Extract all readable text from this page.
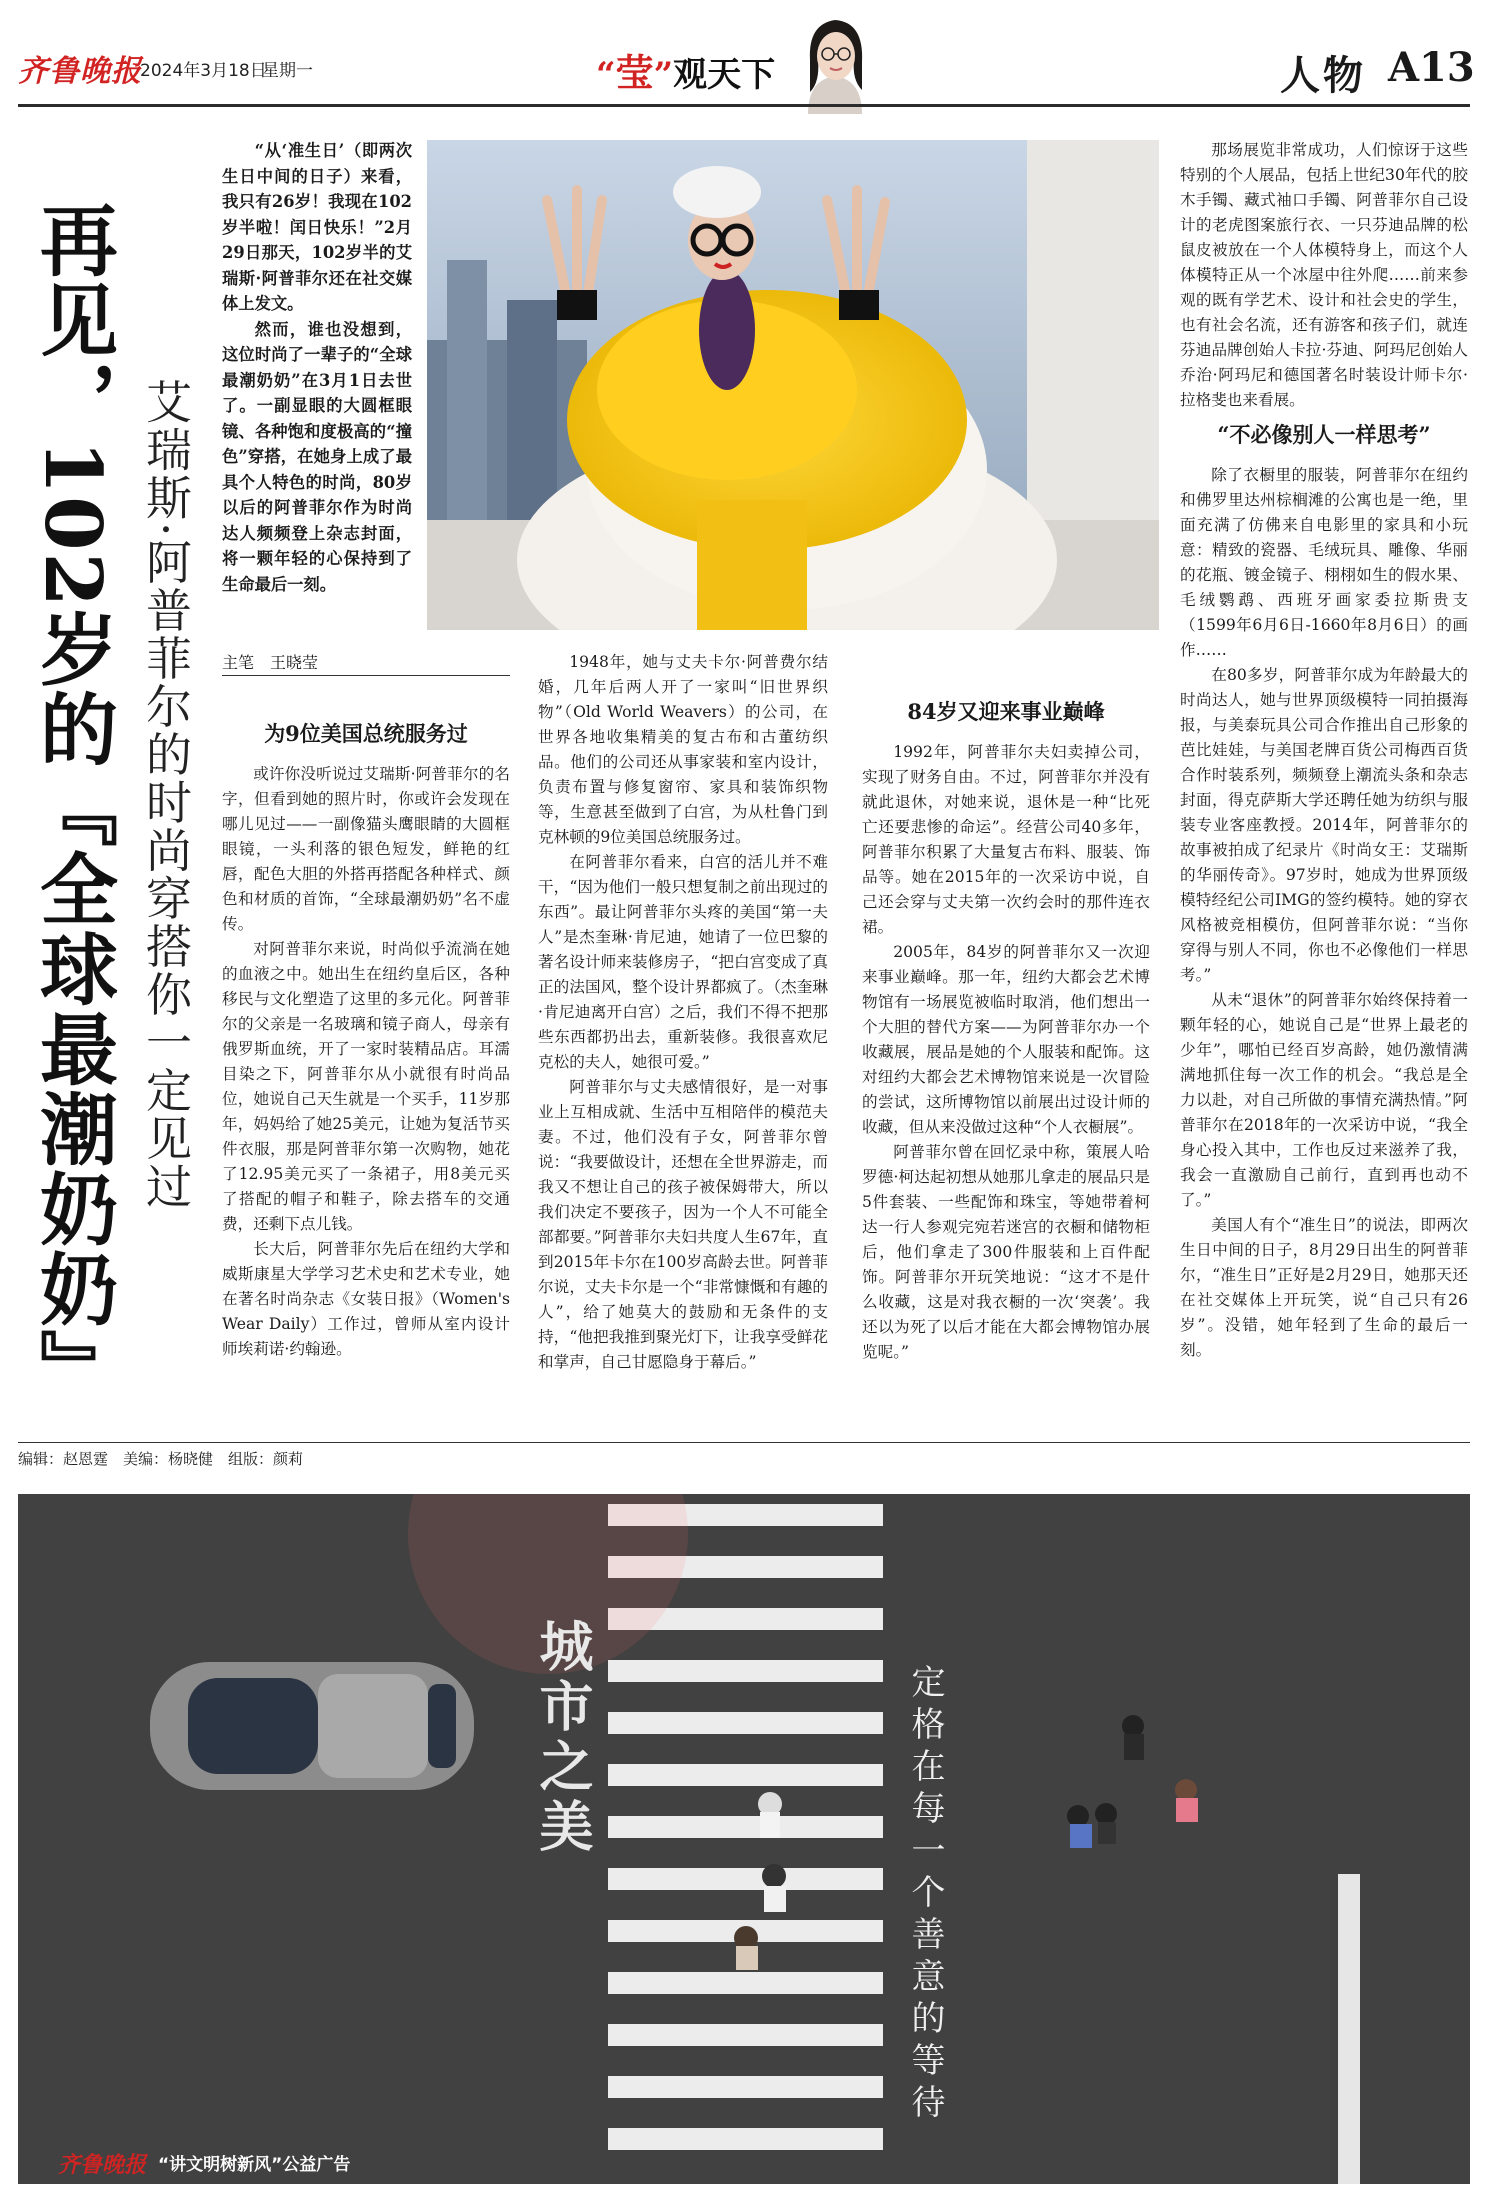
齐鲁晚报
2024年3月18日
星期一	“莹”观天下	人物 A13
再见，102岁的『全球最潮奶奶』 艾瑞斯·阿普菲尔的时尚穿搭你一定见过

“从‘准生日’（即两次生日中间的日子）来看，我只有26岁！我现在102岁半啦！闰日快乐！”2月29日那天，102岁半的艾瑞斯·阿普菲尔还在社交媒体上发文。

然而，谁也没想到，这位时尚了一辈子的“全球最潮奶奶”在3月1日去世了。一副显眼的大圆框眼镜、各种饱和度极高的“撞色”穿搭，在她身上成了最具个人特色的时尚，80岁以后的阿普菲尔作为时尚达人频频登上杂志封面，将一颗年轻的心保持到了生命最后一刻。

主笔　王晓莹
为9位美国总统服务过

或许你没听说过艾瑞斯·阿普菲尔的名字，但看到她的照片时，你或许会发现在哪儿见过——一副像猫头鹰眼睛的大圆框眼镜，一头利落的银色短发，鲜艳的红唇，配色大胆的外搭再搭配各种样式、颜色和材质的首饰，“全球最潮奶奶”名不虚传。

对阿普菲尔来说，时尚似乎流淌在她的血液之中。她出生在纽约皇后区，各种移民与文化塑造了这里的多元化。阿普菲尔的父亲是一名玻璃和镜子商人，母亲有俄罗斯血统，开了一家时装精品店。耳濡目染之下，阿普菲尔从小就很有时尚品位，她说自己天生就是一个买手，11岁那年，妈妈给了她25美元，让她为复活节买件衣服，那是阿普菲尔第一次购物，她花了12.95美元买了一条裙子，用8美元买了搭配的帽子和鞋子，除去搭车的交通费，还剩下点儿钱。

长大后，阿普菲尔先后在纽约大学和威斯康星大学学习艺术史和艺术专业，她在著名时尚杂志《女装日报》（Women's Wear Daily）工作过，曾师从室内设计师埃莉诺·约翰逊。

1948年，她与丈夫卡尔·阿普费尔结婚，几年后两人开了一家叫“旧世界织物”（Old World Weavers）的公司，在世界各地收集精美的复古布和古董纺织品。他们的公司还从事家装和室内设计，负责布置与修复窗帘、家具和装饰织物等，生意甚至做到了白宫，为从杜鲁门到克林顿的9位美国总统服务过。

在阿普菲尔看来，白宫的活儿并不难干，“因为他们一般只想复制之前出现过的东西”。最让阿普菲尔头疼的美国“第一夫人”是杰奎琳·肯尼迪，她请了一位巴黎的著名设计师来装修房子，“把白宫变成了真正的法国风，整个设计界都疯了。（杰奎琳·肯尼迪离开白宫）之后，我们不得不把那些东西都扔出去，重新装修。我很喜欢尼克松的夫人，她很可爱。”

阿普菲尔与丈夫感情很好，是一对事业上互相成就、生活中互相陪伴的模范夫妻。不过，他们没有子女，阿普菲尔曾说：“我要做设计，还想在全世界游走，而我又不想让自己的孩子被保姆带大，所以我们决定不要孩子，因为一个人不可能全部都要。”阿普菲尔夫妇共度人生67年，直到2015年卡尔在100岁高龄去世。阿普菲尔说，丈夫卡尔是一个“非常慷慨和有趣的人”，给了她莫大的鼓励和无条件的支持，“他把我推到聚光灯下，让我享受鲜花和掌声，自己甘愿隐身于幕后。”

84岁又迎来事业巅峰

1992年，阿普菲尔夫妇卖掉公司，实现了财务自由。不过，阿普菲尔并没有就此退休，对她来说，退休是一种“比死亡还要悲惨的命运”。经营公司40多年，阿普菲尔积累了大量复古布料、服装、饰品等。她在2015年的一次采访中说，自己还会穿与丈夫第一次约会时的那件连衣裙。

2005年，84岁的阿普菲尔又一次迎来事业巅峰。那一年，纽约大都会艺术博物馆有一场展览被临时取消，他们想出一个大胆的替代方案——为阿普菲尔办一个收藏展，展品是她的个人服装和配饰。这对纽约大都会艺术博物馆来说是一次冒险的尝试，这所博物馆以前展出过设计师的收藏，但从来没做过这种“个人衣橱展”。

阿普菲尔曾在回忆录中称，策展人哈罗德·柯达起初想从她那儿拿走的展品只是5件套装、一些配饰和珠宝，等她带着柯达一行人参观完宛若迷宫的衣橱和储物柜后，他们拿走了300件服装和上百件配饰。阿普菲尔开玩笑地说：“这才不是什么收藏，这是对我衣橱的一次‘突袭’。我还以为死了以后才能在大都会博物馆办展览呢。”

那场展览非常成功，人们惊讶于这些特别的个人展品，包括上世纪30年代的胶木手镯、藏式袖口手镯、阿普菲尔自己设计的老虎图案旅行衣、一只芬迪品牌的松鼠皮被放在一个人体模特身上，而这个人体模特正从一个冰屋中往外爬……前来参观的既有学艺术、设计和社会史的学生，也有社会名流，还有游客和孩子们，就连芬迪品牌创始人卡拉·芬迪、阿玛尼创始人乔治·阿玛尼和德国著名时装设计师卡尔·拉格斐也来看展。

“不必像别人一样思考”

除了衣橱里的服装，阿普菲尔在纽约和佛罗里达州棕榈滩的公寓也是一绝，里面充满了仿佛来自电影里的家具和小玩意：精致的瓷器、毛绒玩具、雕像、华丽的花瓶、镀金镜子、栩栩如生的假水果、毛绒鹦鹉、西班牙画家委拉斯贵支（1599年6月6日-1660年8月6日）的画作……

在80多岁，阿普菲尔成为年龄最大的时尚达人，她与世界顶级模特一同拍摄海报，与美泰玩具公司合作推出自己形象的芭比娃娃，与美国老牌百货公司梅西百货合作时装系列，频频登上潮流头条和杂志封面，得克萨斯大学还聘任她为纺织与服装专业客座教授。2014年，阿普菲尔的故事被拍成了纪录片《时尚女王：艾瑞斯的华丽传奇》。97岁时，她成为世界顶级模特经纪公司IMG的签约模特。她的穿衣风格被竞相模仿，但阿普菲尔说：“当你穿得与别人不同，你也不必像他们一样思考。”

从未“退休”的阿普菲尔始终保持着一颗年轻的心，她说自己是“世界上最老的少年”，哪怕已经百岁高龄，她仍激情满满地抓住每一次工作的机会。“我总是全力以赴，对自己所做的事情充满热情。”阿普菲尔在2018年的一次采访中说，“我全身心投入其中，工作也反过来滋养了我，我会一直激励自己前行，直到再也动不了。”

美国人有个“准生日”的说法，即两次生日中间的日子，8月29日出生的阿普菲尔，“准生日”正好是2月29日，她那天还在社交媒体上开玩笑，说“自己只有26岁”。没错，她年轻到了生命的最后一刻。

编辑：赵恩霆　美编：杨晓健　组版：颜莉
城市之美	定格在每一个善意的等待
齐鲁晚报 “讲文明树新风”公益广告
